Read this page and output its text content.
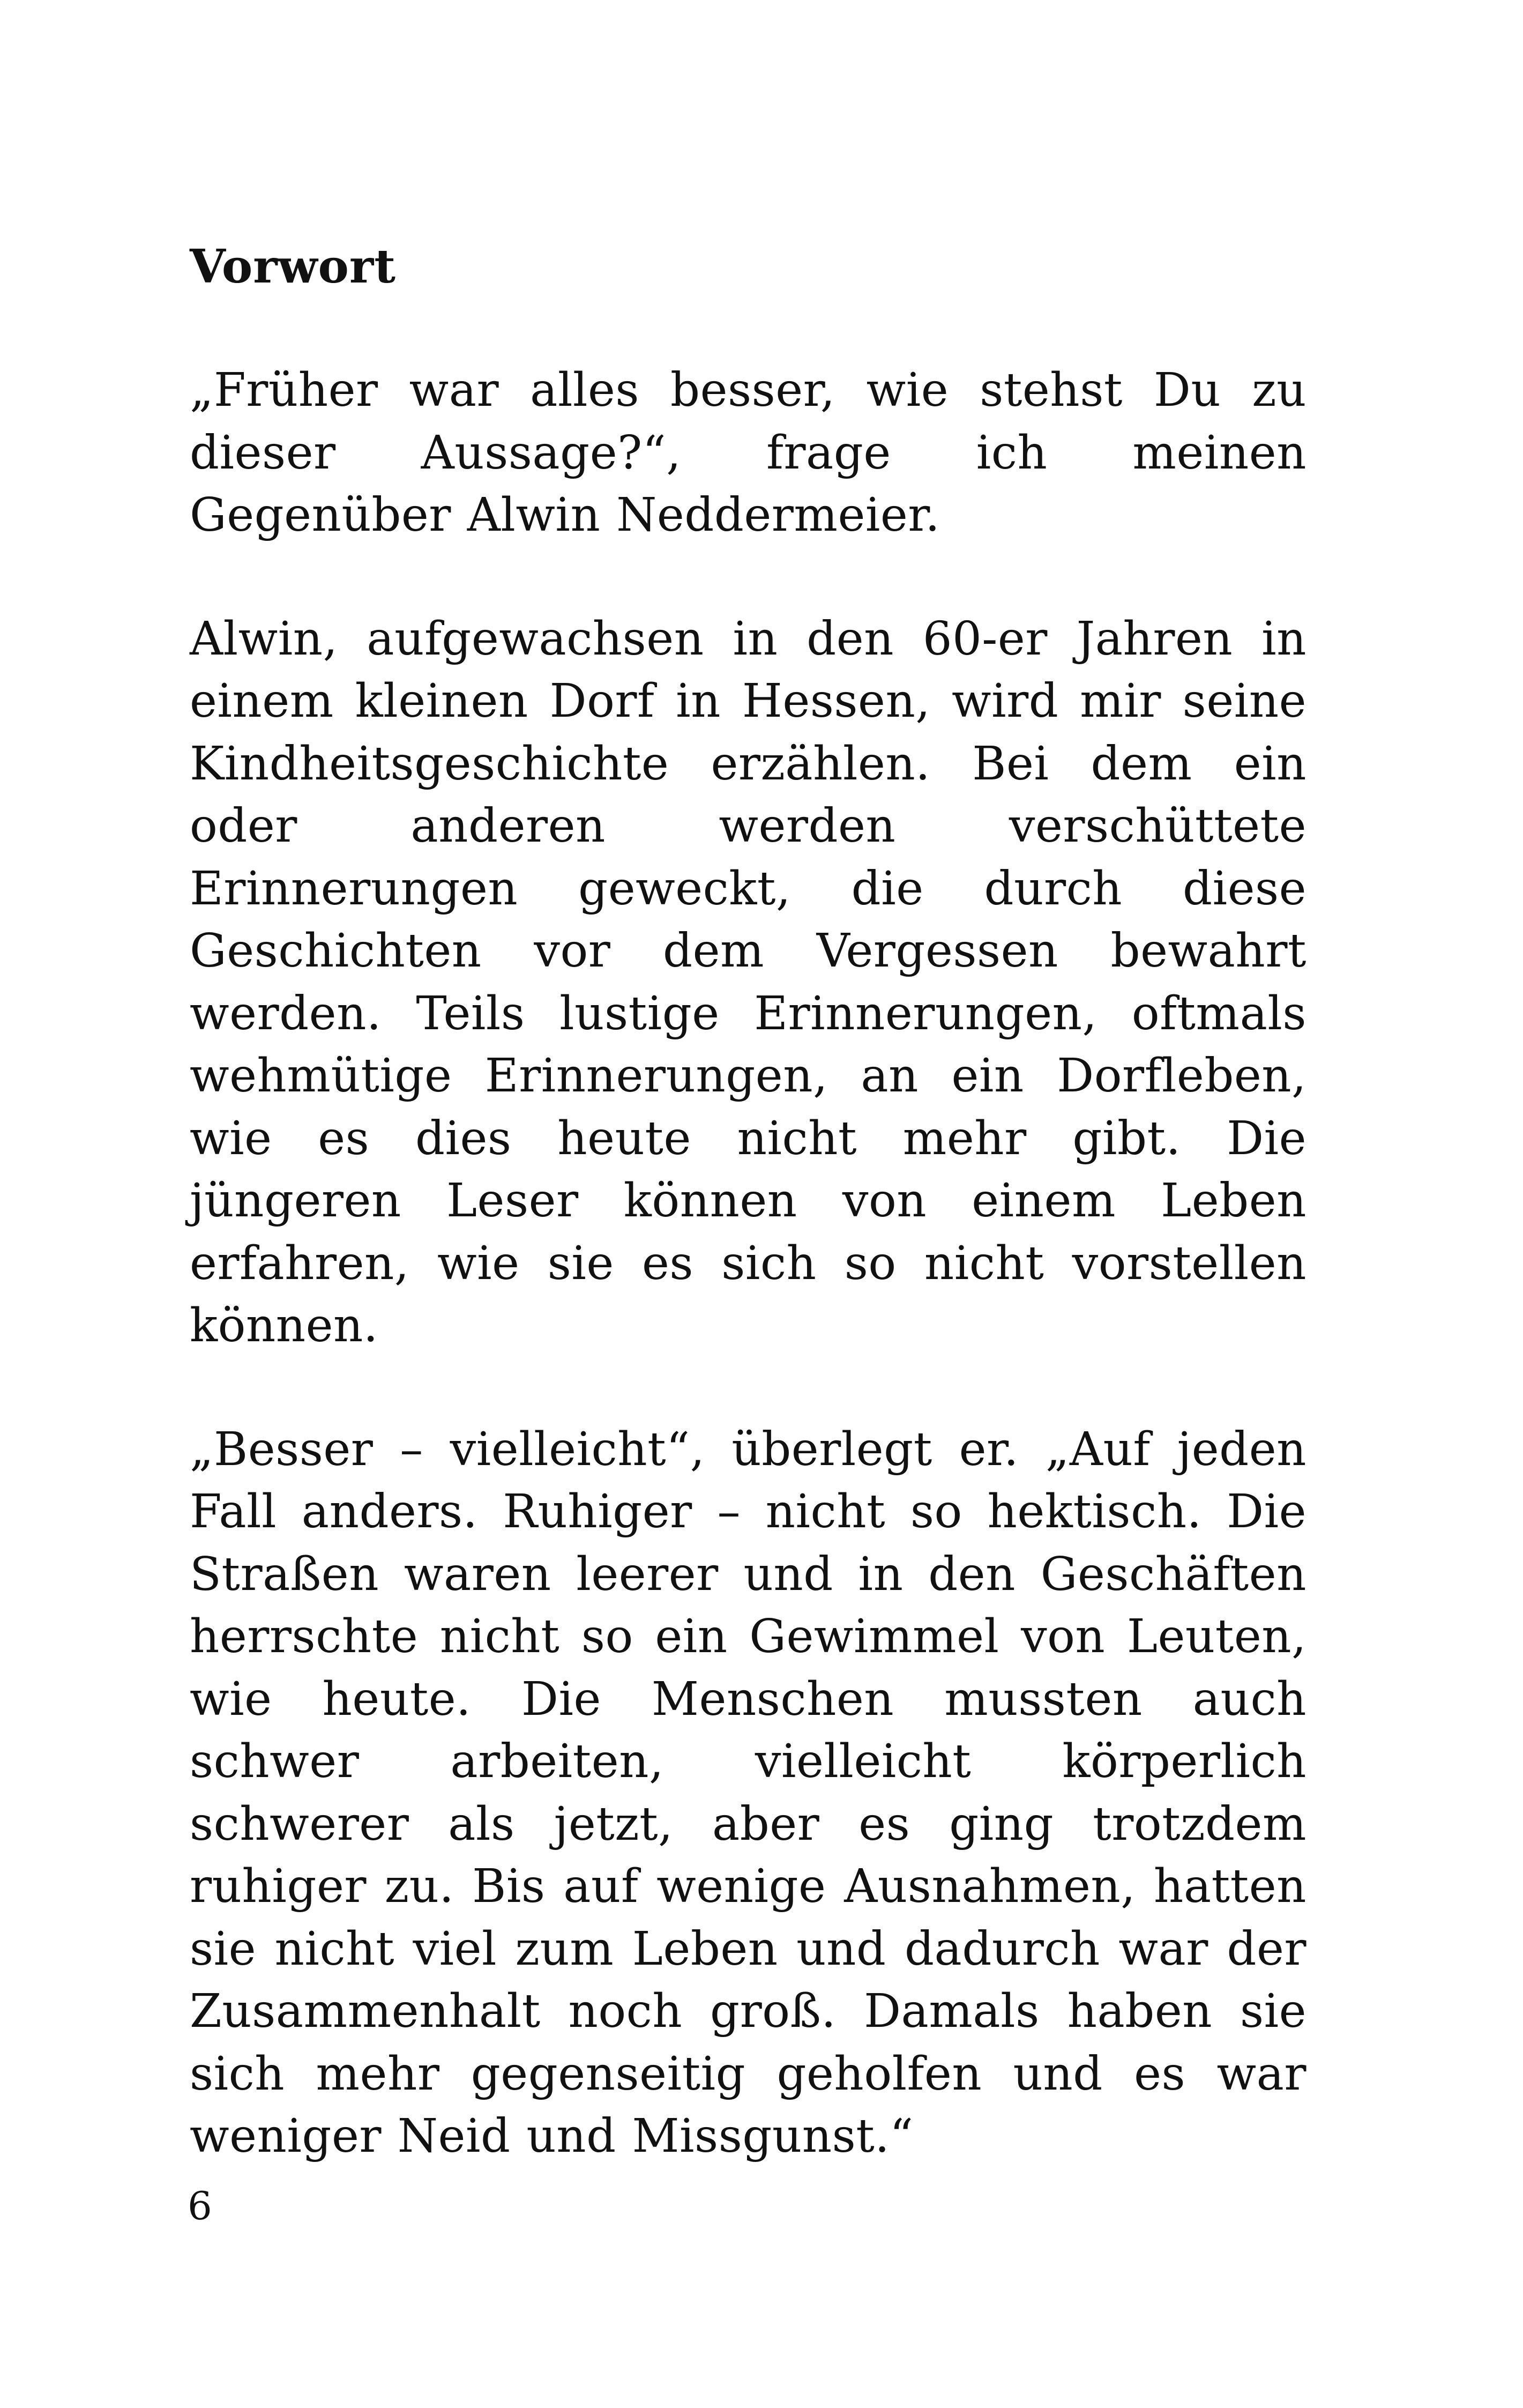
Vorwort

„Früher war alles besser, wie stehst Du zu dieser Aussage?“, frage ich meinen Gegenüber Alwin Neddermeier.

Alwin, aufgewachsen in den 60-er Jahren in einem kleinen Dorf in Hessen, wird mir seine Kindheitsgeschichte erzählen. Bei dem ein oder anderen werden verschüttete Erinnerungen geweckt, die durch diese Geschichten vor dem Vergessen bewahrt werden. Teils lustige Erinnerungen, oftmals wehmütige Erinnerungen, an ein Dorfleben, wie es dies heute nicht mehr gibt. Die jüngeren Leser können von einem Leben erfahren, wie sie es sich so nicht vorstellen können.

„Besser – vielleicht“, überlegt er. „Auf jeden Fall anders. Ruhiger – nicht so hektisch. Die Straßen waren leerer und in den Geschäften herrschte nicht so ein Gewimmel von Leuten, wie heute. Die Menschen mussten auch schwer arbeiten, vielleicht körperlich schwerer als jetzt, aber es ging trotzdem ruhiger zu. Bis auf wenige Ausnahmen, hatten sie nicht viel zum Leben und dadurch war der Zusammenhalt noch groß. Damals haben sie sich mehr gegenseitig geholfen und es war weniger Neid und Missgunst.“

6
